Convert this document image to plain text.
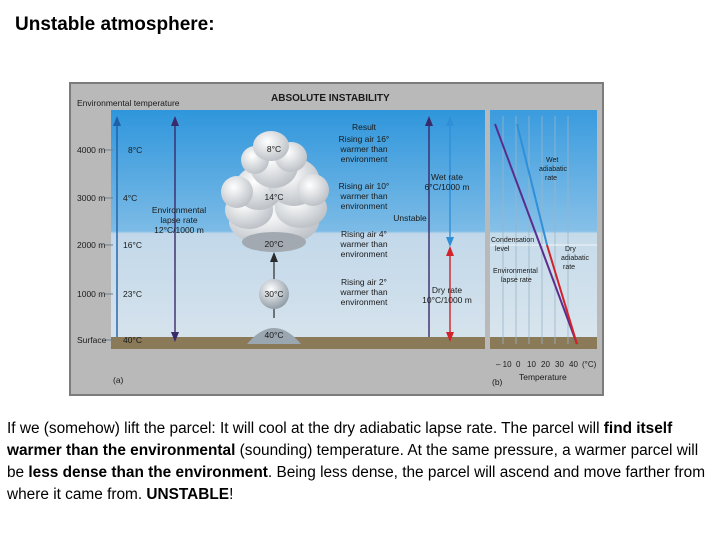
Unstable atmosphere:
Environmental temperature	ABSOLUTE INSTABILITY
4000 m
3000 m
2000 m
1000 m
Surface
8°C
4°C
16°C
23°C
40°C
Environmental
lapse rate
12°C/1000 m
8°C
14°C
20°C
30°C
40°C
Result
Rising air 16°
warmer than
environment
Rising air 10°
warmer than
environment
Rising air 4°
warmer than
environment
Rising air 2°
warmer than
environment
Wet rate
6°C/1000 m
Unstable
Dry rate
10°C/1000 m
(a)
Wet
adiabatic
rate
Condensation
level	Dry
adiabatic
rate
Environmental
lapse rate
– 10 0 10 20 30 40 (°C)
Temperature
(b)
If we (somehow) lift the parcel: It will cool at the dry adiabatic lapse rate. The parcel will find itself warmer than the environmental (sounding) temperature. At the same pressure, a warmer parcel will be less dense than the environment. Being less dense, the parcel will ascend and move farther from where it came from. UNSTABLE!
